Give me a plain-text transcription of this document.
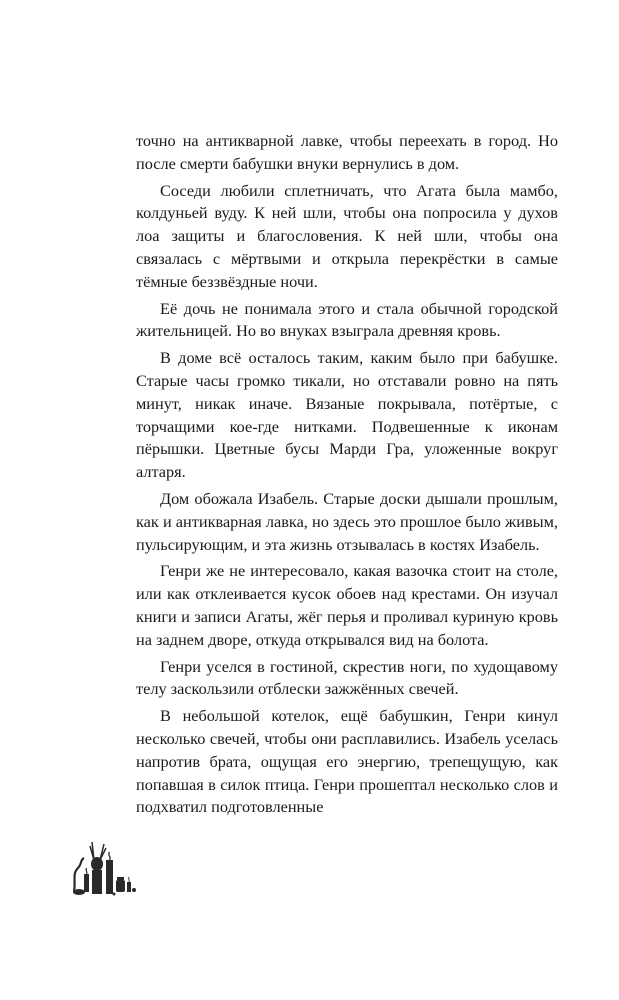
точно на антикварной лавке, чтобы переехать в город. Но после смерти бабушки внуки вернулись в дом.

Соседи любили сплетничать, что Агата была мамбо, колдуньей вуду. К ней шли, чтобы она попросила у духов лоа защиты и благословения. К ней шли, чтобы она связалась с мёртвыми и открыла перекрёстки в самые тёмные беззвёздные ночи.

Её дочь не понимала этого и стала обычной городской жительницей. Но во внуках взыграла древняя кровь.

В доме всё осталось таким, каким было при бабушке. Старые часы громко тикали, но отставали ровно на пять минут, никак иначе. Вязаные покрывала, потёртые, с торчащими кое-где нитками. Подвешенные к иконам пёрышки. Цветные бусы Марди Гра, уложенные вокруг алтаря.

Дом обожала Изабель. Старые доски дышали прошлым, как и антикварная лавка, но здесь это прошлое было живым, пульсирующим, и эта жизнь отзывалась в костях Изабель.

Генри же не интересовало, какая вазочка стоит на столе, или как отклеивается кусок обоев над крестами. Он изучал книги и записи Агаты, жёг перья и проливал куриную кровь на заднем дворе, откуда открывался вид на болота.

Генри уселся в гостиной, скрестив ноги, по худощавому телу заскользили отблески зажжённых свечей.

В небольшой котелок, ещё бабушкин, Генри кинул несколько свечей, чтобы они расплавились. Изабель уселась напротив брата, ощущая его энергию, трепещущую, как попавшая в силок птица. Генри прошептал несколько слов и подхватил подготовленные
